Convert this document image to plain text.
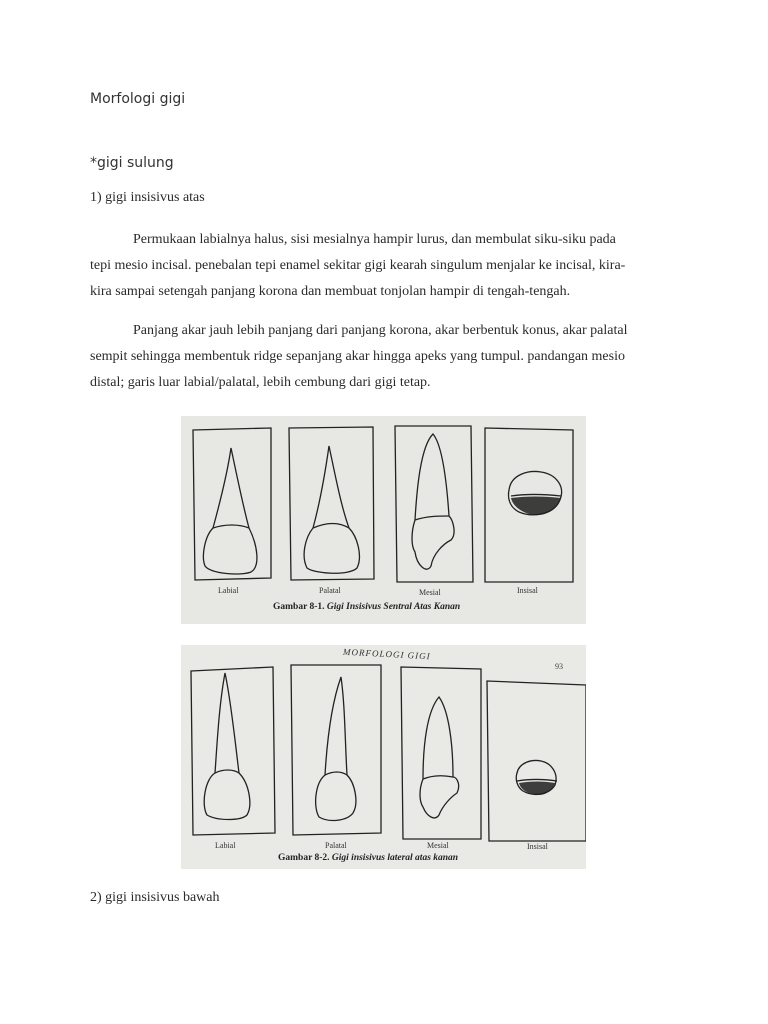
Morfologi gigi
*gigi sulung
1) gigi insisivus atas
Permukaan labialnya halus, sisi mesialnya hampir lurus, dan membulat siku-siku pada
tepi mesio incisal. penebalan tepi enamel sekitar gigi kearah singulum menjalar ke incisal, kira-
kira sampai setengah panjang korona dan membuat tonjolan hampir di tengah-tengah.
Panjang akar jauh lebih panjang dari panjang korona, akar berbentuk konus, akar palatal
sempit sehingga membentuk ridge sepanjang akar hingga apeks yang tumpul. pandangan mesio
distal; garis luar labial/palatal, lebih cembung dari gigi tetap.
Labial	Palatal	Mesial	Insisal
Gambar 8-1. Gigi Insisivus Sentral Atas Kanan
MORFOLOGI GIGI
93
Labial	Palatal	Mesial	Insisal
Gambar 8-2. Gigi insisivus lateral atas kanan
2) gigi insisivus bawah
